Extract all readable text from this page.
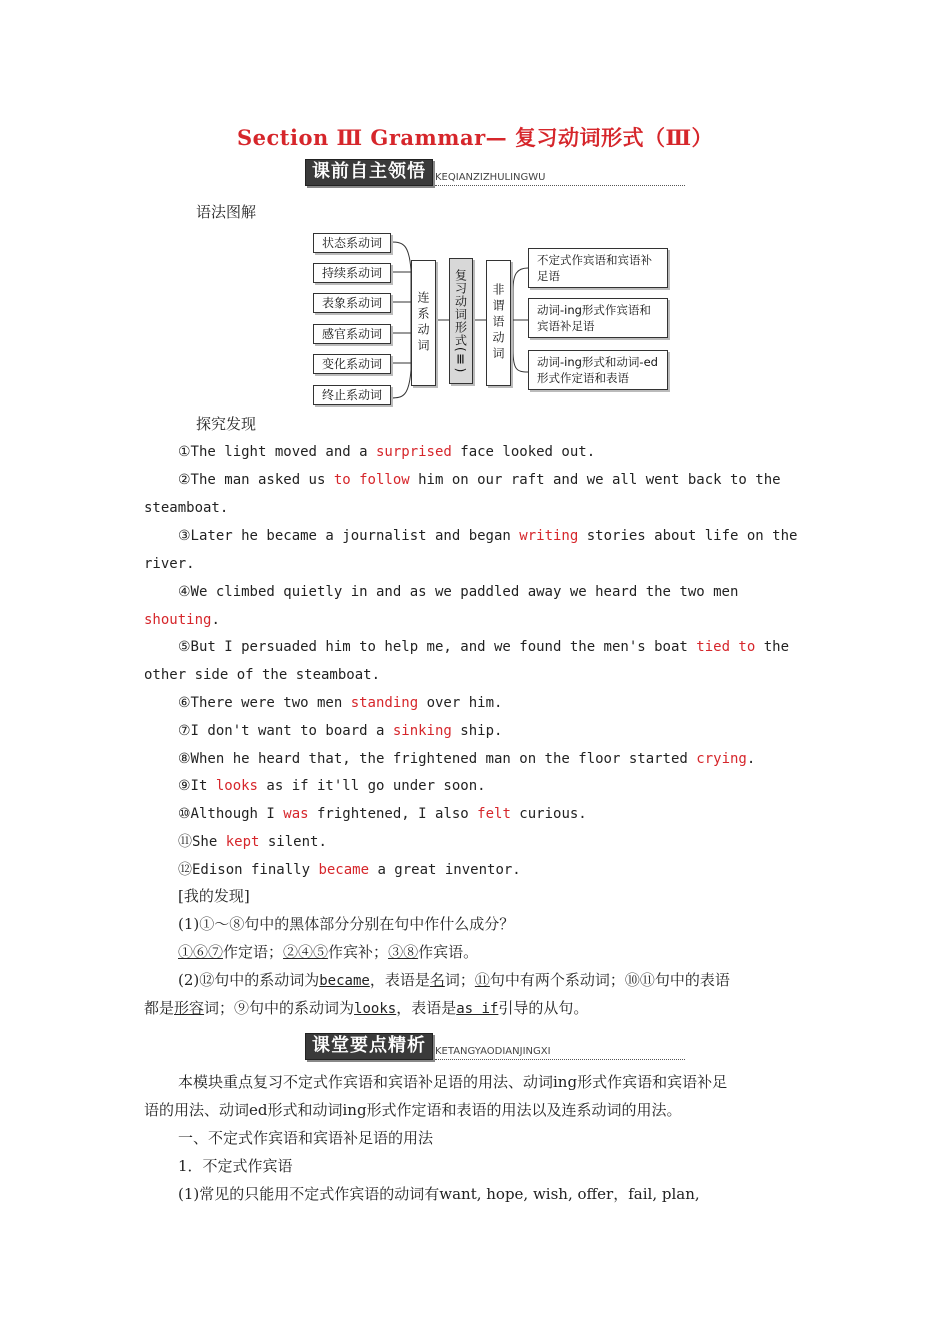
Section Ⅲ Grammar— 复习动词形式（Ⅲ）
课前自主领悟 KEQIANZIZHULINGWU
语法图解
状态系动词
持续系动词
表象系动词
感官系动词
变化系动词
终止系动词
连系动词	复习动词形式(Ⅲ)	非谓语动词
不定式作宾语和宾语补足语
动词-ing形式作宾语和宾语补足语
动词-ing形式和动词-ed形式作定语和表语
探究发现
①The light moved and a surprised face looked out.
②The man asked us to follow him on our raft and we all went back to the
steamboat.
③Later he became a journalist and began writing stories about life on the
river.
④We climbed quietly in and as we paddled away we heard the two men
shouting.
⑤But I persuaded him to help me, and we found the men's boat tied to the
other side of the steamboat.
⑥There were two men standing over him.
⑦I don't want to board a sinking ship.
⑧When he heard that, the frightened man on the floor started crying.
⑨It looks as if it'll go under soon.
⑩Although I was frightened, I also felt curious.
⑪She kept silent.
⑫Edison finally became a great inventor.
[我的发现]
(1)①～⑧句中的黑体部分分别在句中作什么成分？
①⑥⑦作定语；②④⑤作宾补；③⑧作宾语。
(2)⑫句中的系动词为became，表语是名词；⑪句中有两个系动词；⑩⑪句中的表语
都是形容词；⑨句中的系动词为looks，表语是as if引导的从句。
课堂要点精析 KETANGYAODIANJINGXI
本模块重点复习不定式作宾语和宾语补足语的用法、动词ing形式作宾语和宾语补足
语的用法、动词ed形式和动词ing形式作定语和表语的用法以及连系动词的用法。
一、不定式作宾语和宾语补足语的用法
1．不定式作宾语
(1)常见的只能用不定式作宾语的动词有want, hope, wish, offer，fail, plan,
